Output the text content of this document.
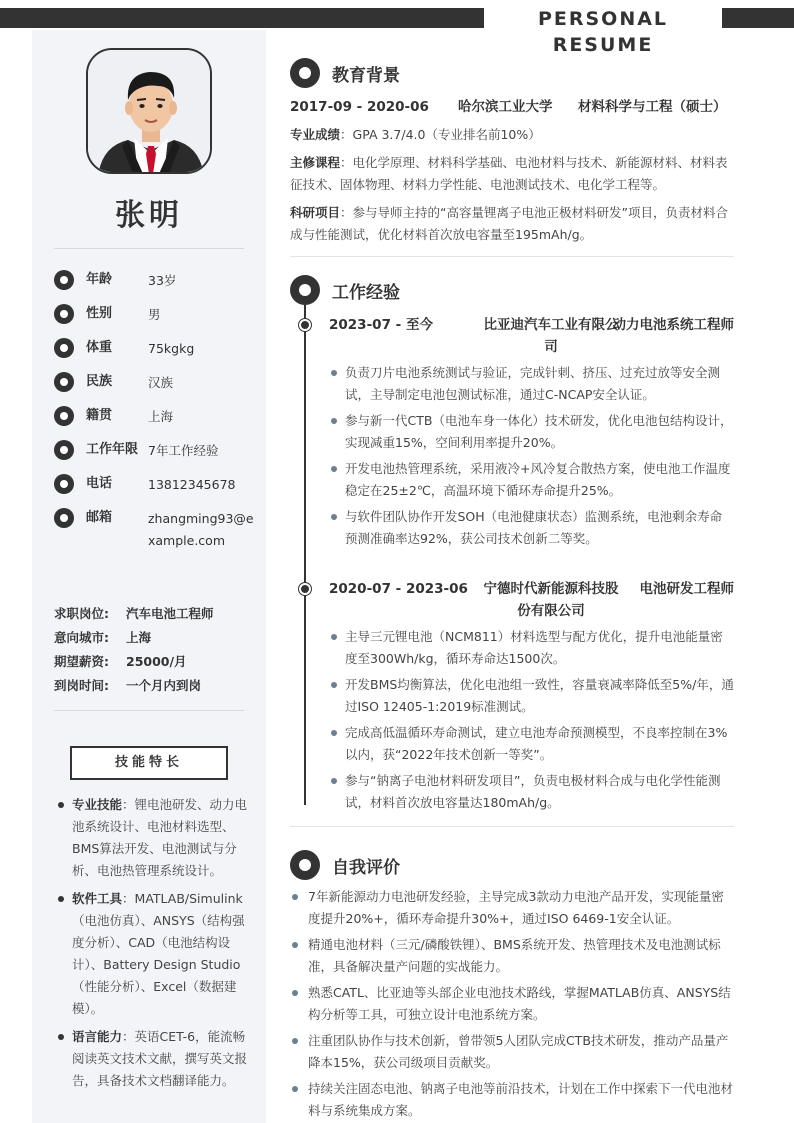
PERSONAL RESUME
张明
年龄	33岁
性别	男
体重	75kgkg
民族	汉族
籍贯	上海
工作年限 7年工作经验
电话	13812345678
邮箱	zhangming93@example.com
求职岗位:	汽车电池工程师
意向城市:	上海
期望薪资:	25000/月
到岗时间:	一个月内到岗
技能特长
专业技能：锂电池研发、动力电池系统设计、电池材料选型、BMS算法开发、电池测试与分析、电池热管理系统设计。
软件工具：MATLAB/Simulink（电池仿真）、ANSYS（结构强度分析）、CAD（电池结构设计）、Battery Design Studio（性能分析）、Excel（数据建模）。
语言能力：英语CET-6，能流畅阅读英文技术文献，撰写英文报告，具备技术文档翻译能力。
教育背景
2017-09 - 2020-06	哈尔滨工业大学	材料科学与工程（硕士）

专业成绩：GPA 3.7/4.0（专业排名前10%）

主修课程：电化学原理、材料科学基础、电池材料与技术、新能源材料、材料表征技术、固体物理、材料力学性能、电池测试技术、电化学工程等。

科研项目：参与导师主持的“高容量锂离子电池正极材料研发”项目，负责材料合成与性能测试，优化材料首次放电容量至195mAh/g。

工作经验
2023-07 - 至今	比亚迪汽车工业有限公司
动力电池系统工程师
负责刀片电池系统测试与验证，完成针刺、挤压、过充过放等安全测试，主导制定电池包测试标准，通过C-NCAP安全认证。
参与新一代CTB（电池车身一体化）技术研发，优化电池包结构设计，实现减重15%，空间利用率提升20%。
开发电池热管理系统，采用液冷+风冷复合散热方案，使电池工作温度稳定在25±2℃，高温环境下循环寿命提升25%。
与软件团队协作开发SOH（电池健康状态）监测系统，电池剩余寿命预测准确率达92%，获公司技术创新二等奖。
2020-07 - 2023-06	宁德时代新能源科技股份有限公司
电池研发工程师
主导三元锂电池（NCM811）材料选型与配方优化，提升电池能量密度至300Wh/kg，循环寿命达1500次。
开发BMS均衡算法，优化电池组一致性，容量衰减率降低至5%/年，通过ISO 12405-1:2019标准测试。
完成高低温循环寿命测试，建立电池寿命预测模型，不良率控制在3%以内，获“2022年技术创新一等奖”。
参与“钠离子电池材料研发项目”，负责电极材料合成与电化学性能测试，材料首次放电容量达180mAh/g。
自我评价
7年新能源动力电池研发经验，主导完成3款动力电池产品开发，实现能量密度提升20%+，循环寿命提升30%+，通过ISO 6469-1安全认证。
精通电池材料（三元/磷酸铁锂）、BMS系统开发、热管理技术及电池测试标准，具备解决量产问题的实战能力。
熟悉CATL、比亚迪等头部企业电池技术路线，掌握MATLAB仿真、ANSYS结构分析等工具，可独立设计电池系统方案。
注重团队协作与技术创新，曾带领5人团队完成CTB技术研发，推动产品量产降本15%，获公司级项目贡献奖。
持续关注固态电池、钠离子电池等前沿技术，计划在工作中探索下一代电池材料与系统集成方案。
